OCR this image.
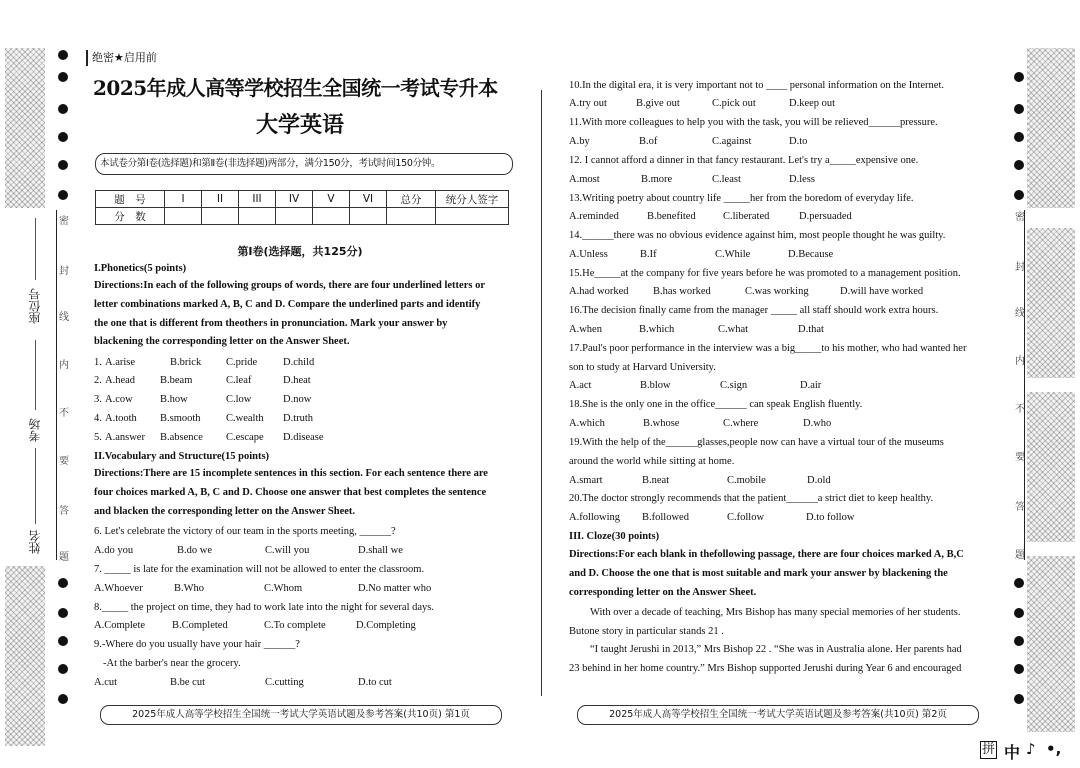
座位号
考场
姓名
密
封
线
内
不
要
答
题
密
封
线
内
不
要
答
题
绝密★启用前
2025年成人高等学校招生全国统一考试专升本
大学英语
本试卷分第Ⅰ卷(选择题)和第Ⅱ卷(非选择题)两部分，满分150分，考试时间150分钟。
题　号	I	II	III	IV	V	VI	总分	统分人签字
分　数								
第Ⅰ卷(选择题，共125分)
I.Phonetics(5 points)
Directions:In each of the following groups of words, there are four underlined letters or
letter combinations marked A, B, C and D. Compare the underlined parts and identify
the one that is different from theothers in pronunciation. Mark your answer by
blackening the corresponding letter on the Answer Sheet.
1. A.arise	B.brick C.pride D.child
2. A.head B.beam	C.leaf	D.heat
3. A.cow	B.how	C.low	D.now
4. A.tooth B.smooth C.wealth D.truth
5. A.answer B.absence C.escape D.disease
II.Vocabulary and Structure(15 points)
Directions:There are 15 incomplete sentences in this section. For each sentence there are
four choices marked A, B, C and D. Choose one answer that best completes the sentence
and blacken the corresponding letter on the Answer Sheet.
6. Let's celebrate the victory of our team in the sports meeting, ______?
A.do you	B.do we	C.will you	D.shall we
7. _____ is late for the examination will not be allowed to enter the classroom.
A.Whoever	B.Who	C.Whom	D.No matter who
8._____ the project on time, they had to work late into the night for several days.
A.Complete	B.Completed	C.To complete	D.Completing
9.-Where do you usually have your hair ______?
-At the barber's near the grocery.
A.cut	B.be cut	C.cutting	D.to cut
2025年成人高等学校招生全国统一考试大学英语试题及参考答案(共10页) 第1页
10.In the digital era, it is very important not to ____ personal information on the Internet.
A.try out	B.give out	C.pick out	D.keep out
11.With more colleagues to help you with the task, you will be relieved______pressure.
A.by	B.of	C.against	D.to
12. I cannot afford a dinner in that fancy restaurant. Let's try a_____expensive one.
A.most	B.more	C.least	D.less
13.Writing poetry about country life _____her from the boredom of everyday life.
A.reminded	B.benefited	C.liberated	D.persuaded
14.______there was no obvious evidence against him, most people thought he was guilty.
A.Unless	B.If	C.While	D.Because
15.He_____at the company for five years before he was promoted to a management position.
A.had worked B.has worked	C.was working	D.will have worked
16.The decision finally came from the manager _____ all staff should work extra hours.
A.when	B.which	C.what	D.that
17.Paul's poor performance in the interview was a big_____to his mother, who had wanted her
son to study at Harvard University.
A.act	B.blow	C.sign	D.air
18.She is the only one in the office______ can speak English fluently.
A.which	B.whose	C.where	D.who
19.With the help of the______glasses,people now can have a virtual tour of the museums
around the world while sitting at home.
A.smart	B.neat	C.mobile	D.old
20.The doctor strongly recommends that the patient______a strict diet to keep healthy.
A.following B.followed	C.follow	D.to follow
III. Cloze(30 points)
Directions:For each blank in thefollowing passage, there are four choices marked A, B,C
and D. Choose the one that is most suitable and mark your answer by blackening the
corresponding letter on the Answer Sheet.
With over a decade of teaching, Mrs Bishop has many special memories of her students.
Butone story in particular stands 21 .
“I taught Jerushi in 2013,” Mrs Bishop 22 . “She was in Australia alone. Her parents had
23 behind in her home country.” Mrs Bishop supported Jerushi during Year 6 and encouraged
2025年成人高等学校招生全国统一考试大学英语试题及参考答案(共10页) 第2页
拼 中 ♪ •,
